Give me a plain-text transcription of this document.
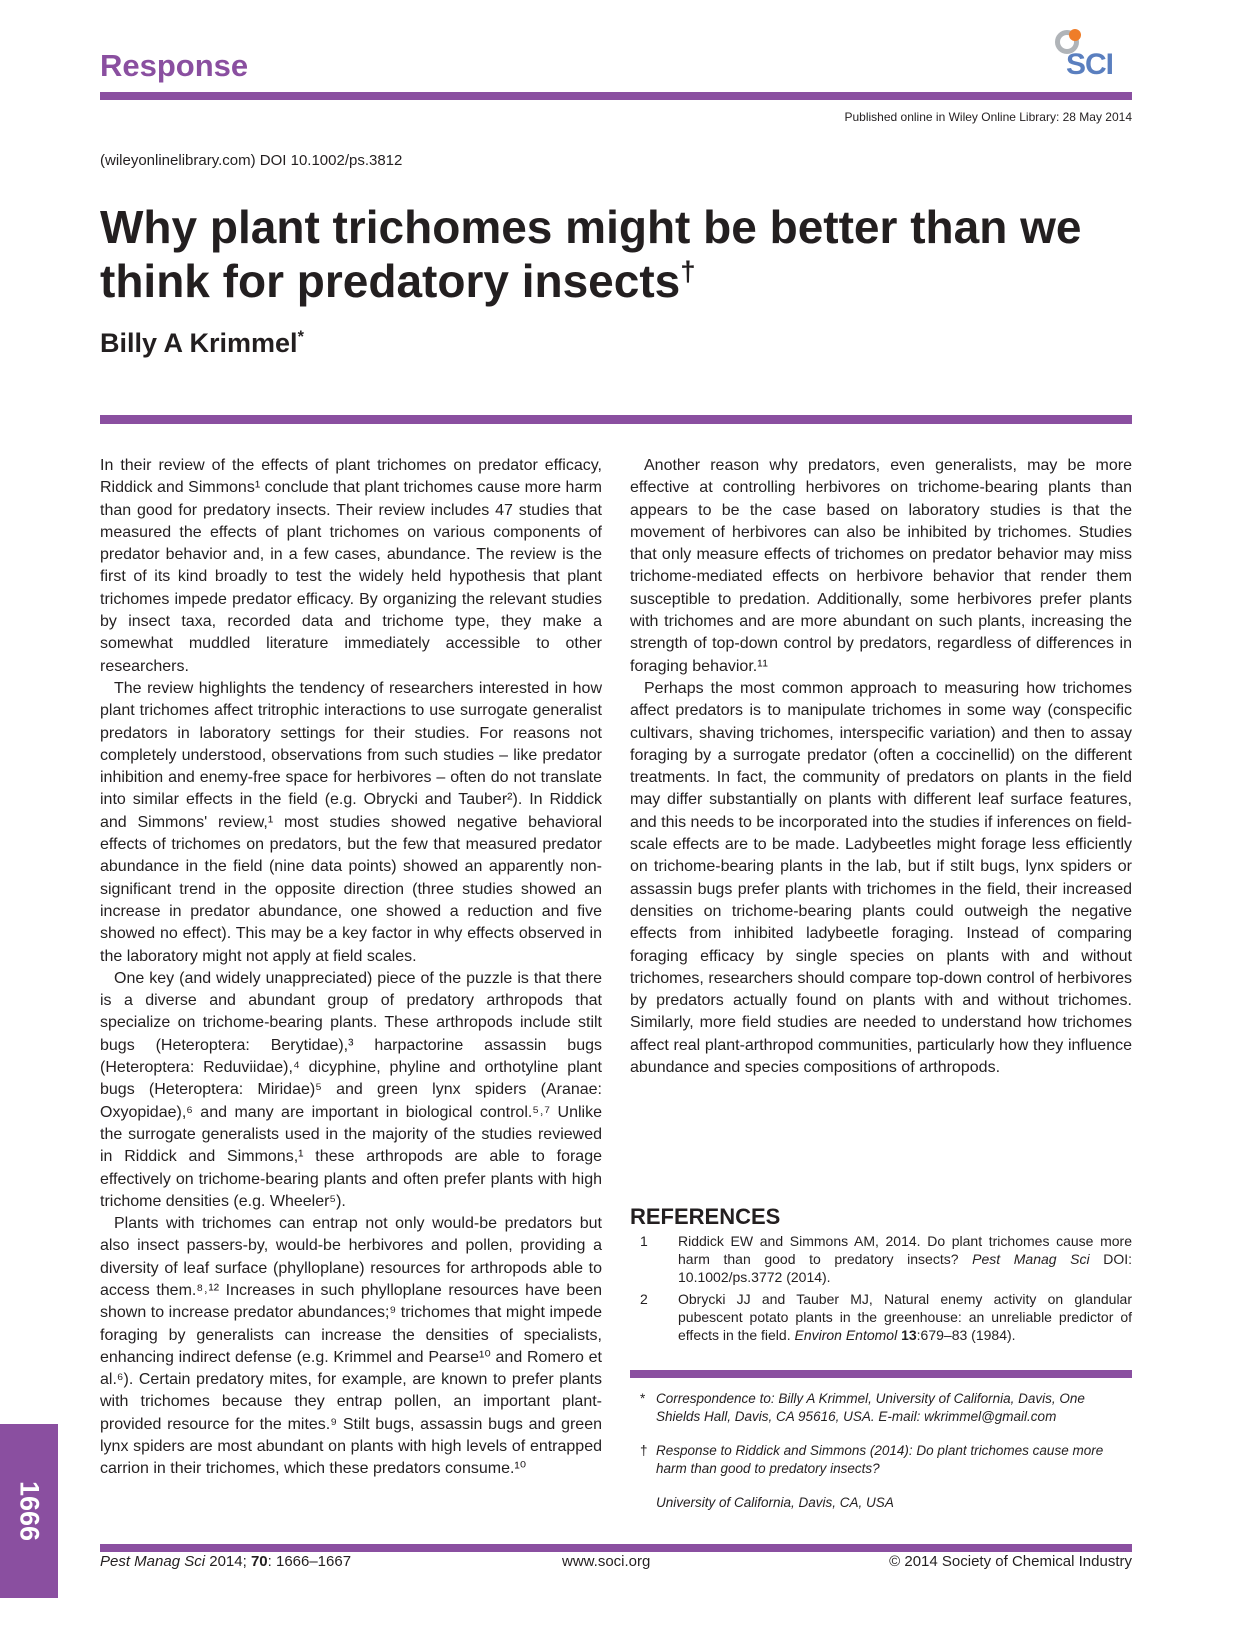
Response	SCI
Published online in Wiley Online Library: 28 May 2014
(wileyonlinelibrary.com) DOI 10.1002/ps.3812
Why plant trichomes might be better than we think for predatory insects†
Billy A Krimmel*

In their review of the effects of plant trichomes on predator efficacy, Riddick and Simmons¹ conclude that plant trichomes cause more harm than good for predatory insects. Their review includes 47 studies that measured the effects of plant trichomes on various components of predator behavior and, in a few cases, abundance. The review is the first of its kind broadly to test the widely held hypothesis that plant trichomes impede predator efficacy. By organizing the relevant studies by insect taxa, recorded data and trichome type, they make a somewhat muddled literature immediately accessible to other researchers.

The review highlights the tendency of researchers interested in how plant trichomes affect tritrophic interactions to use surrogate generalist predators in laboratory settings for their studies. For reasons not completely understood, observations from such studies – like predator inhibition and enemy-free space for herbivores – often do not translate into similar effects in the field (e.g. Obrycki and Tauber²). In Riddick and Simmons' review,¹ most studies showed negative behavioral effects of trichomes on predators, but the few that measured predator abundance in the field (nine data points) showed an apparently non-significant trend in the opposite direction (three studies showed an increase in predator abundance, one showed a reduction and five showed no effect). This may be a key factor in why effects observed in the laboratory might not apply at field scales.

One key (and widely unappreciated) piece of the puzzle is that there is a diverse and abundant group of predatory arthropods that specialize on trichome-bearing plants. These arthropods include stilt bugs (Heteroptera: Berytidae),³ harpactorine assassin bugs (Heteroptera: Reduviidae),⁴ dicyphine, phyline and orthotyline plant bugs (Heteroptera: Miridae)⁵ and green lynx spiders (Aranae: Oxyopidae),⁶ and many are important in biological control.⁵˒⁷ Unlike the surrogate generalists used in the majority of the studies reviewed in Riddick and Simmons,¹ these arthropods are able to forage effectively on trichome-bearing plants and often prefer plants with high trichome densities (e.g. Wheeler⁵).

Plants with trichomes can entrap not only would-be predators but also insect passers-by, would-be herbivores and pollen, providing a diversity of leaf surface (phylloplane) resources for arthropods able to access them.⁸˒¹² Increases in such phylloplane resources have been shown to increase predator abundances;⁹ trichomes that might impede foraging by generalists can increase the densities of specialists, enhancing indirect defense (e.g. Krimmel and Pearse¹⁰ and Romero et al.⁶). Certain predatory mites, for example, are known to prefer plants with trichomes because they entrap pollen, an important plant-provided resource for the mites.⁹ Stilt bugs, assassin bugs and green lynx spiders are most abundant on plants with high levels of entrapped carrion in their trichomes, which these predators consume.¹⁰

Another reason why predators, even generalists, may be more effective at controlling herbivores on trichome-bearing plants than appears to be the case based on laboratory studies is that the movement of herbivores can also be inhibited by trichomes. Studies that only measure effects of trichomes on predator behavior may miss trichome-mediated effects on herbivore behavior that render them susceptible to predation. Additionally, some herbivores prefer plants with trichomes and are more abundant on such plants, increasing the strength of top-down control by predators, regardless of differences in foraging behavior.¹¹

Perhaps the most common approach to measuring how trichomes affect predators is to manipulate trichomes in some way (conspecific cultivars, shaving trichomes, interspecific variation) and then to assay foraging by a surrogate predator (often a coccinellid) on the different treatments. In fact, the community of predators on plants in the field may differ substantially on plants with different leaf surface features, and this needs to be incorporated into the studies if inferences on field-scale effects are to be made. Ladybeetles might forage less efficiently on trichome-bearing plants in the lab, but if stilt bugs, lynx spiders or assassin bugs prefer plants with trichomes in the field, their increased densities on trichome-bearing plants could outweigh the negative effects from inhibited ladybeetle foraging. Instead of comparing foraging efficacy by single species on plants with and without trichomes, researchers should compare top-down control of herbivores by predators actually found on plants with and without trichomes. Similarly, more field studies are needed to understand how trichomes affect real plant-arthropod communities, particularly how they influence abundance and species compositions of arthropods.

REFERENCES
1 Riddick EW and Simmons AM, 2014. Do plant trichomes cause more harm than good to predatory insects? Pest Manag Sci DOI: 10.1002/ps.3772 (2014).
2 Obrycki JJ and Tauber MJ, Natural enemy activity on glandular pubescent potato plants in the greenhouse: an unreliable predictor of effects in the field. Environ Entomol 13:679–83 (1984).
* Correspondence to: Billy A Krimmel, University of California, Davis, One Shields Hall, Davis, CA 95616, USA. E-mail: wkrimmel@gmail.com
† Response to Riddick and Simmons (2014): Do plant trichomes cause more harm than good to predatory insects?
University of California, Davis, CA, USA
1666
Pest Manag Sci 2014; 70: 1666–1667	www.soci.org	© 2014 Society of Chemical Industry
